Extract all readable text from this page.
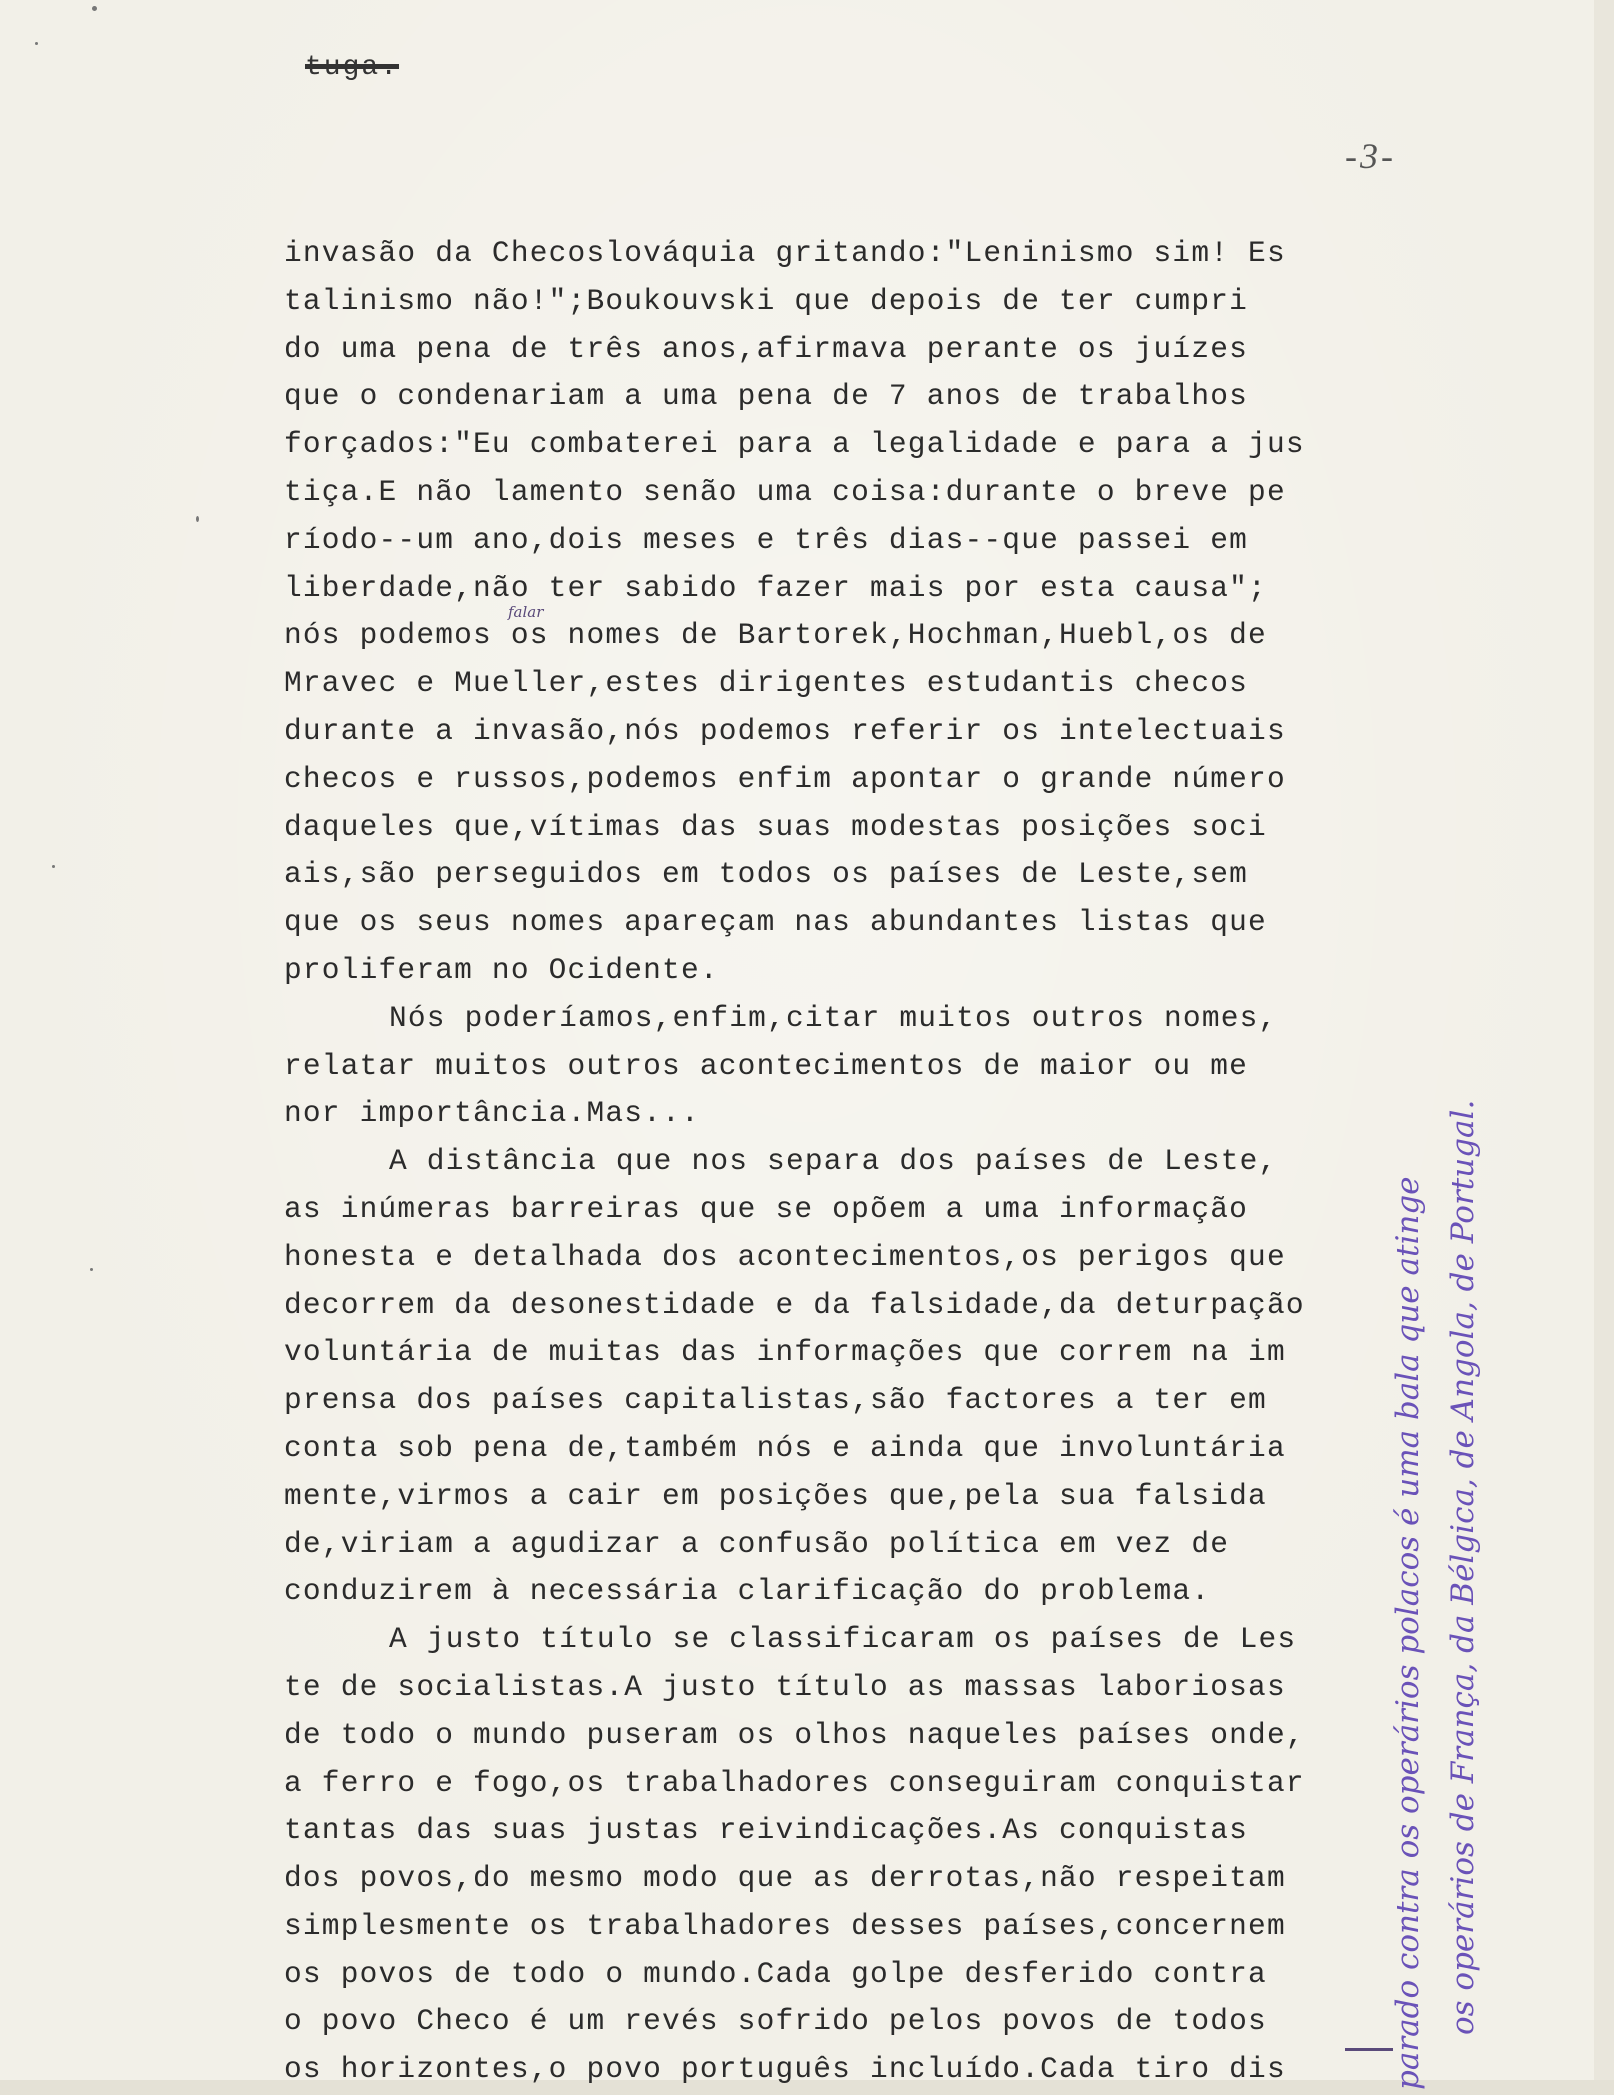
tuga.
-3-
falar
invasão da Checoslováquia gritando:"Leninismo sim! Es
talinismo não!";Boukouvski que depois de ter cumpri
do uma pena de três anos,afirmava perante os juízes
que o condenariam a uma pena de 7 anos de trabalhos
forçados:"Eu combaterei para a legalidade e para a jus
tiça.E não lamento senão uma coisa:durante o breve pe
ríodo--um ano,dois meses e três dias--que passei em
liberdade,não ter sabido fazer mais por esta causa";
nós podemos os nomes de Bartorek,Hochman,Huebl,os de
Mravec e Mueller,estes dirigentes estudantis checos
durante a invasão,nós podemos referir os intelectuais
checos e russos,podemos enfim apontar o grande número
daqueles que,vítimas das suas modestas posições soci
ais,são perseguidos em todos os países de Leste,sem
que os seus nomes apareçam nas abundantes listas que
proliferam no Ocidente.
Nós poderíamos,enfim,citar muitos outros nomes,
relatar muitos outros acontecimentos de maior ou me
nor importância.Mas...
A distância que nos separa dos países de Leste,
as inúmeras barreiras que se opõem a uma informação
honesta e detalhada dos acontecimentos,os perigos que
decorrem da desonestidade e da falsidade,da deturpação
voluntária de muitas das informações que correm na im
prensa dos países capitalistas,são factores a ter em
conta sob pena de,também nós e ainda que involuntária
mente,virmos a cair em posições que,pela sua falsida
de,viriam a agudizar a confusão política em vez de
conduzirem à necessária clarificação do problema.
A justo título se classificaram os países de Les
te de socialistas.A justo título as massas laboriosas
de todo o mundo puseram os olhos naqueles países onde,
a ferro e fogo,os trabalhadores conseguiram conquistar
tantas das suas justas reivindicações.As conquistas
dos povos,do mesmo modo que as derrotas,não respeitam
simplesmente os trabalhadores desses países,concernem
os povos de todo o mundo.Cada golpe desferido contra
o povo Checo é um revés sofrido pelos povos de todos
os horizontes,o povo português incluído.Cada tiro dis	parado contra os operários polacos é uma bala que atinge os operários de França, da Bélgica, de Angola, de Portugal.
